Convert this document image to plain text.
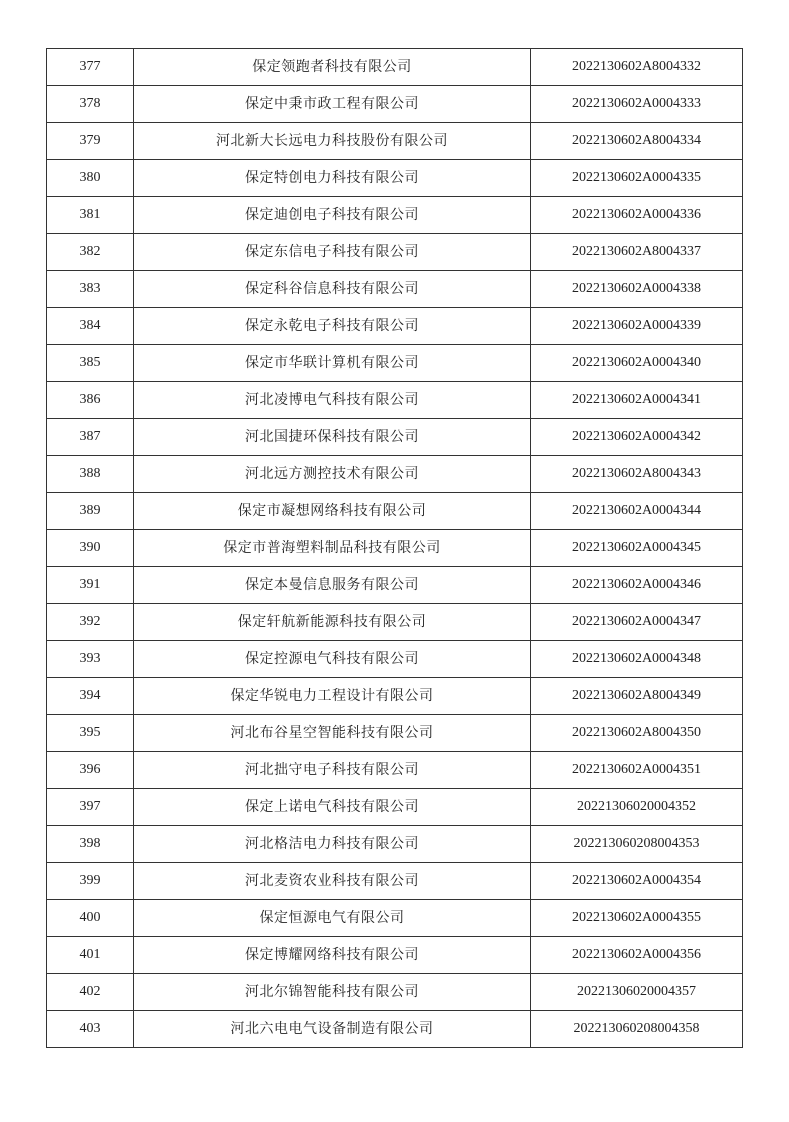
377	保定领跑者科技有限公司	2022130602A8004332
378	保定中秉市政工程有限公司	2022130602A0004333
379	河北新大长远电力科技股份有限公司	2022130602A8004334
380	保定特创电力科技有限公司	2022130602A0004335
381	保定迪创电子科技有限公司	2022130602A0004336
382	保定东信电子科技有限公司	2022130602A8004337
383	保定科谷信息科技有限公司	2022130602A0004338
384	保定永乾电子科技有限公司	2022130602A0004339
385	保定市华联计算机有限公司	2022130602A0004340
386	河北凌博电气科技有限公司	2022130602A0004341
387	河北国捷环保科技有限公司	2022130602A0004342
388	河北远方测控技术有限公司	2022130602A8004343
389	保定市凝想网络科技有限公司	2022130602A0004344
390	保定市普海塑料制品科技有限公司	2022130602A0004345
391	保定本曼信息服务有限公司	2022130602A0004346
392	保定轩航新能源科技有限公司	2022130602A0004347
393	保定控源电气科技有限公司	2022130602A0004348
394	保定华锐电力工程设计有限公司	2022130602A8004349
395	河北布谷星空智能科技有限公司	2022130602A8004350
396	河北拙守电子科技有限公司	2022130602A0004351
397	保定上诺电气科技有限公司	20221306020004352
398	河北格洁电力科技有限公司	202213060208004353
399	河北麦资农业科技有限公司	2022130602A0004354
400	保定恒源电气有限公司	2022130602A0004355
401	保定博耀网络科技有限公司	2022130602A0004356
402	河北尔锦智能科技有限公司	20221306020004357
403	河北六电电气设备制造有限公司	202213060208004358
